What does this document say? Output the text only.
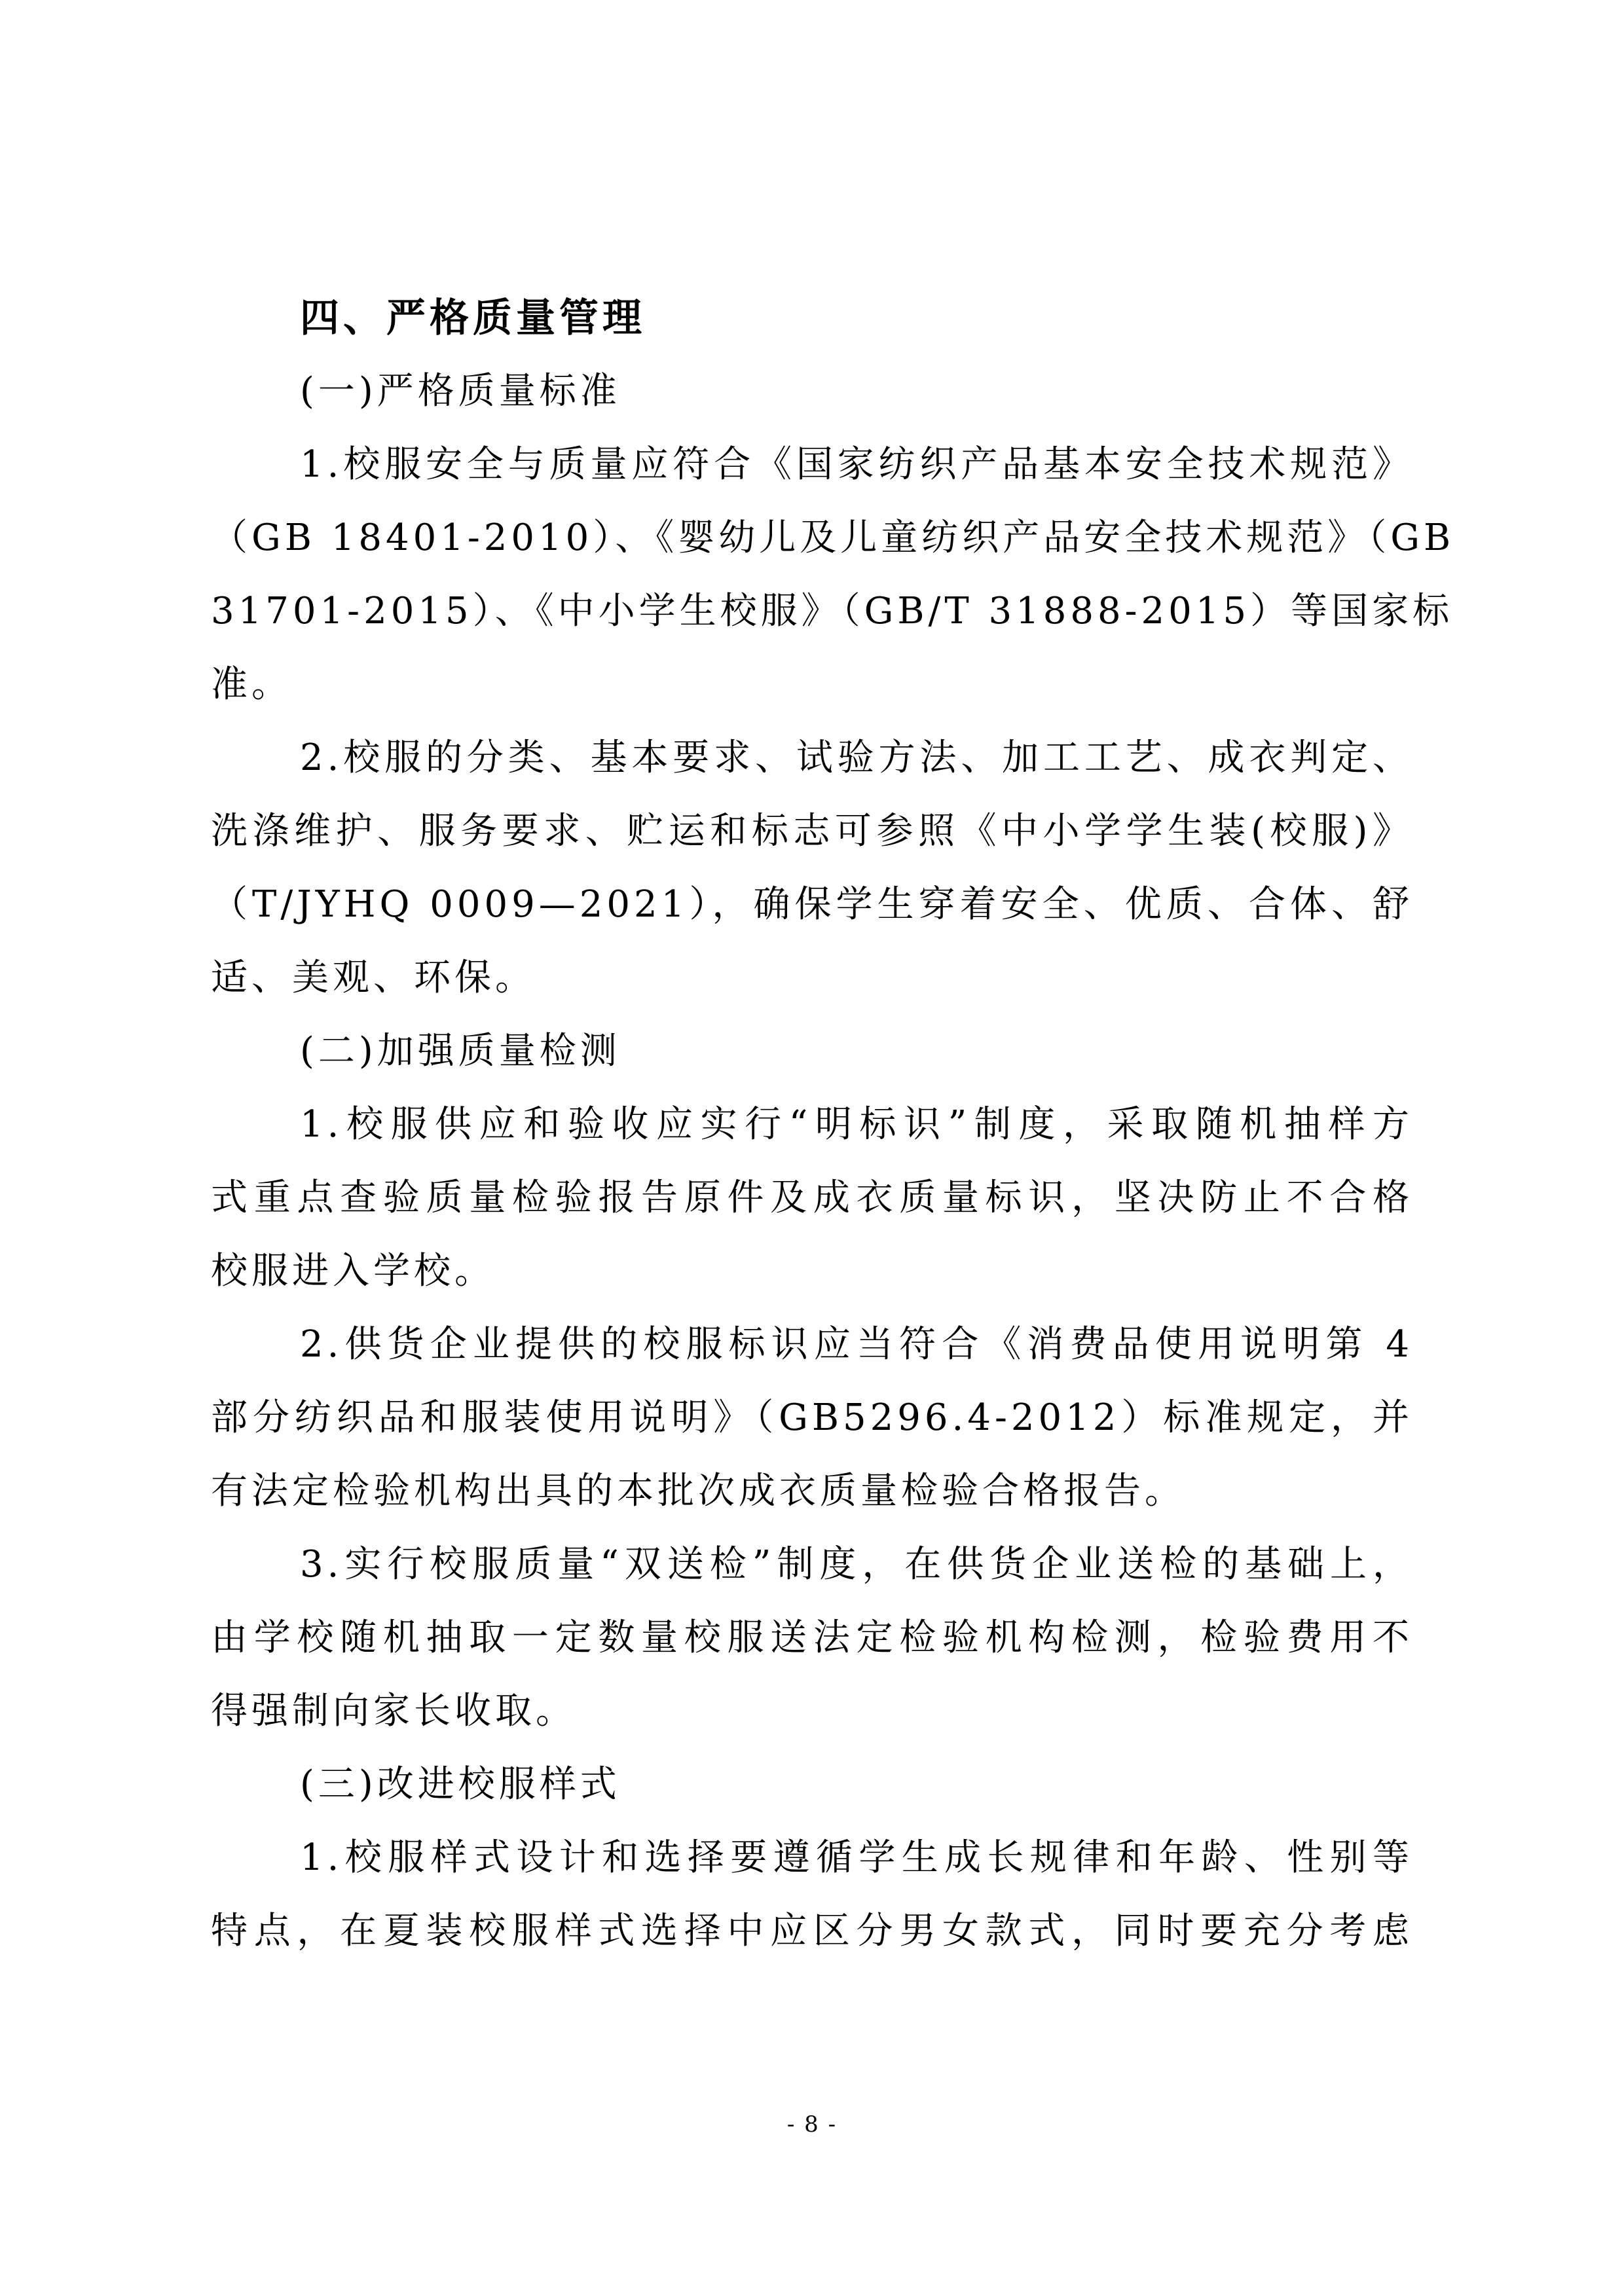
四、严格质量管理

(一)严格质量标准

1.校服安全与质量应符合《国家纺织产品基本安全技术规范》
（GB 18401-2010）、《婴幼儿及儿童纺织产品安全技术规范》（GB
31701-2015）、《中小学生校服》（GB/T 31888-2015）等国家标
准。

2.校服的分类、基本要求、试验方法、加工工艺、成衣判定、
洗涤维护、服务要求、贮运和标志可参照《中小学学生装(校服)》
（T/JYHQ 0009—2021），确保学生穿着安全、优质、合体、舒
适、美观、环保。

(二)加强质量检测

1.校服供应和验收应实行“明标识”制度，采取随机抽样方
式重点查验质量检验报告原件及成衣质量标识，坚决防止不合格
校服进入学校。

2.供货企业提供的校服标识应当符合《消费品使用说明第 4
部分纺织品和服装使用说明》（GB5296.4-2012）标准规定，并
有法定检验机构出具的本批次成衣质量检验合格报告。

3.实行校服质量“双送检”制度，在供货企业送检的基础上，
由学校随机抽取一定数量校服送法定检验机构检测，检验费用不
得强制向家长收取。

(三)改进校服样式

1.校服样式设计和选择要遵循学生成长规律和年龄、性别等
特点，在夏装校服样式选择中应区分男女款式，同时要充分考虑

- 8 -
